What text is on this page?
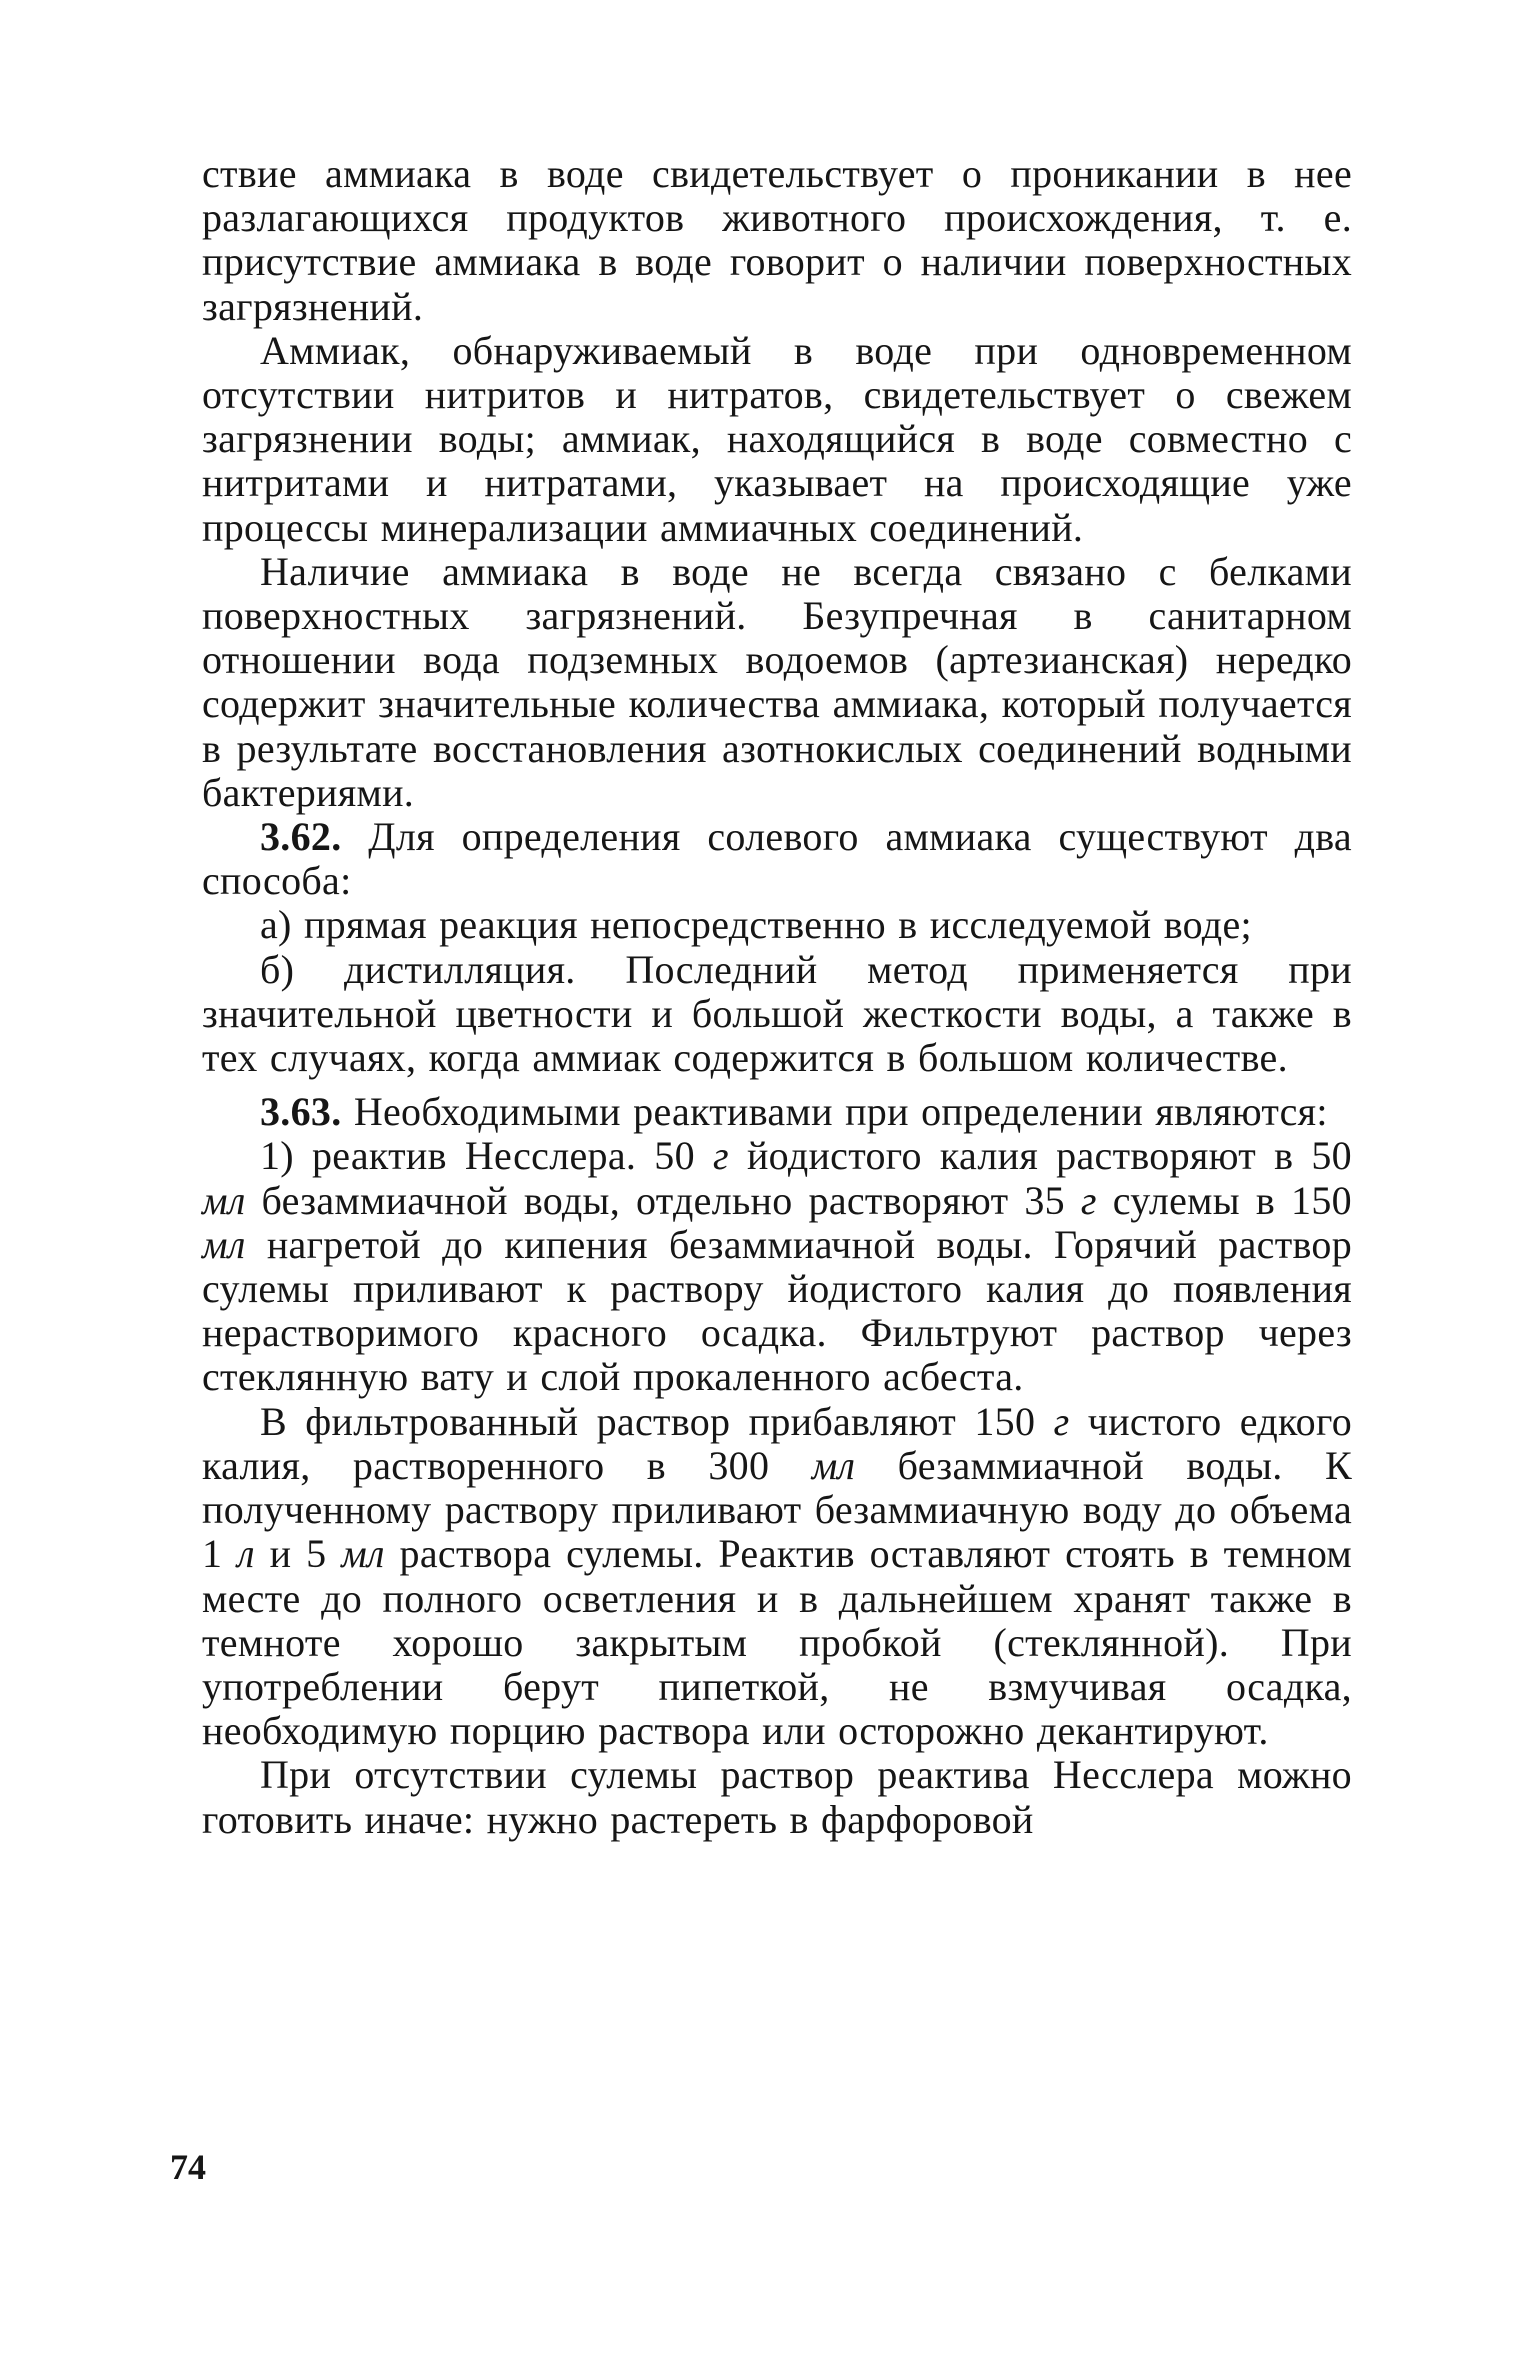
ствие аммиака в воде свидетельствует о проникании в нее разлагающихся продуктов животного происхождения, т. е. присутствие аммиака в воде говорит о наличии поверхностных загрязнений.

Аммиак, обнаруживаемый в воде при одновременном отсутствии нитритов и нитратов, свидетельствует о свежем загрязнении воды; аммиак, находящийся в воде совместно с нитритами и нитратами, указывает на происходящие уже процессы минерализации аммиачных соединений.

Наличие аммиака в воде не всегда связано с белками поверхностных загрязнений. Безупречная в санитарном отношении вода подземных водоемов (артезианская) нередко содержит значительные количества аммиака, который получается в результате восстановления азотнокислых соединений водными бактериями.

3.62. Для определения солевого аммиака существуют два способа:

а) прямая реакция непосредственно в исследуемой воде;

б) дистилляция. Последний метод применяется при значительной цветности и большой жесткости воды, а также в тех случаях, когда аммиак содержится в большом количестве.

3.63. Необходимыми реактивами при определении являются:

1) реактив Несслера. 50 г йодистого калия растворяют в 50 мл безаммиачной воды, отдельно растворяют 35 г сулемы в 150 мл нагретой до кипения безаммиачной воды. Горячий раствор сулемы приливают к раствору йодистого калия до появления нерастворимого красного осадка. Фильтруют раствор через стеклянную вату и слой прокаленного асбеста.

В фильтрованный раствор прибавляют 150 г чистого едкого калия, растворенного в 300 мл безаммиачной воды. К полученному раствору приливают безаммиачную воду до объема 1 л и 5 мл раствора сулемы. Реактив оставляют стоять в темном месте до полного осветления и в дальнейшем хранят также в темноте хорошо закрытым пробкой (стеклянной). При употреблении берут пипеткой, не взмучивая осадка, необходимую порцию раствора или осторожно декантируют.

При отсутствии сулемы раствор реактива Несслера можно готовить иначе: нужно растереть в фарфоровой

74
